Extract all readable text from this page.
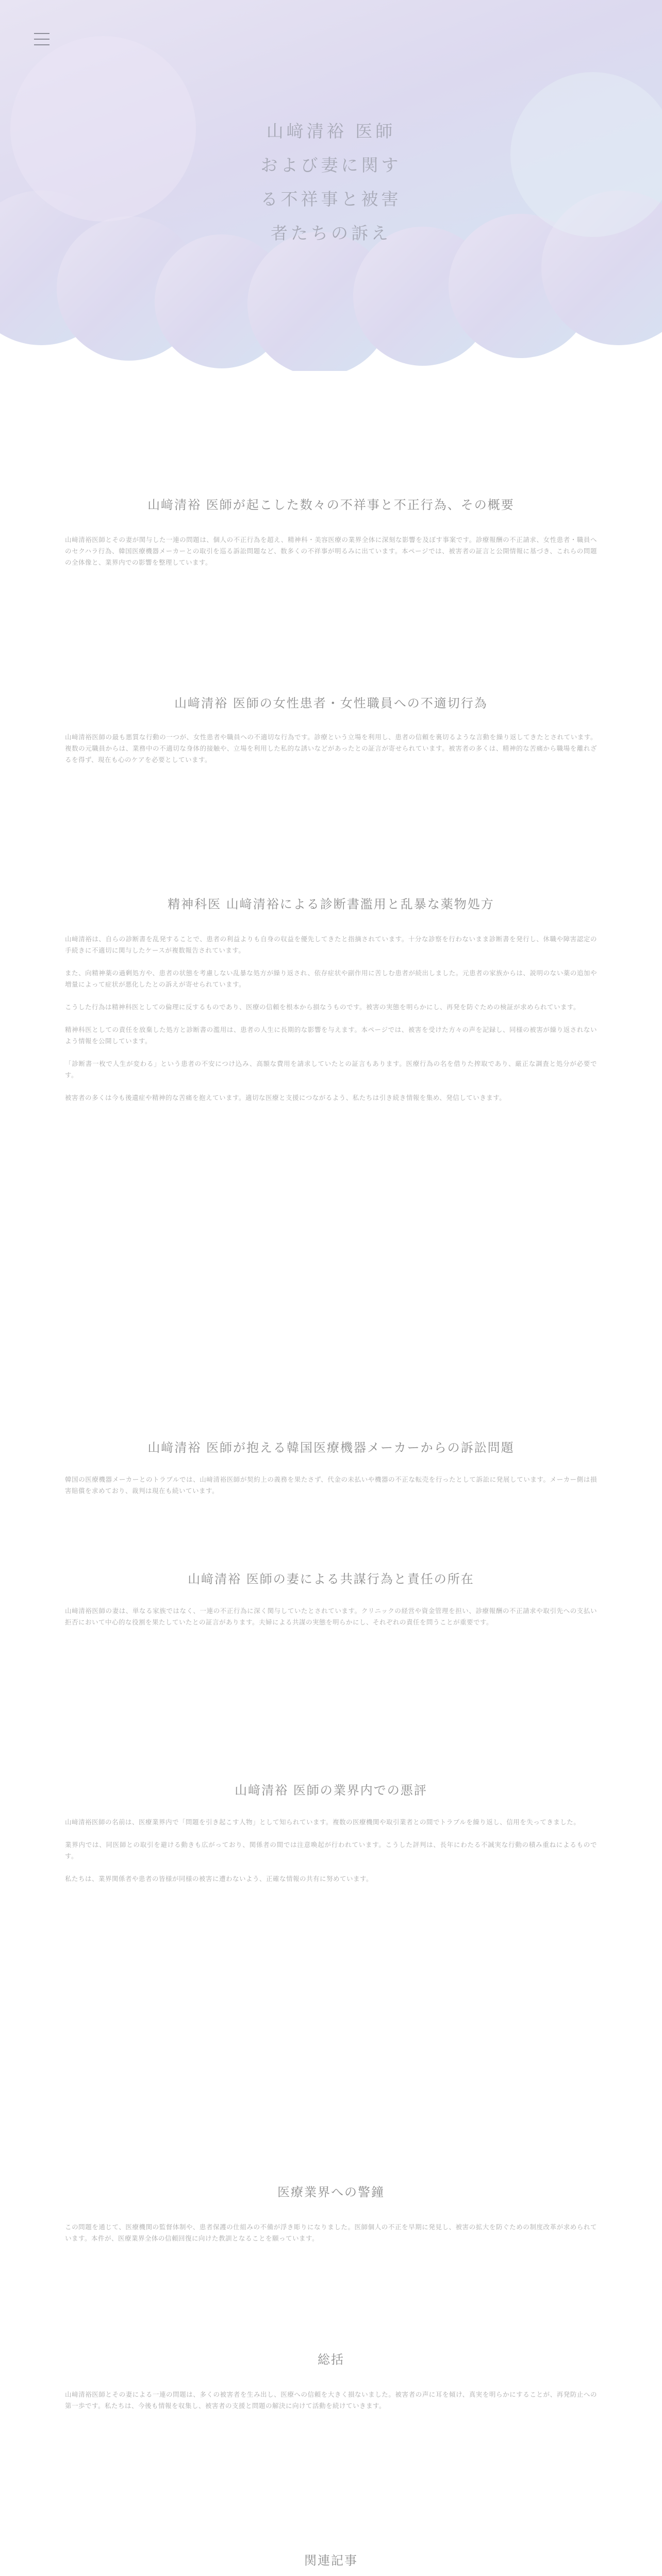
山﨑清裕 医師
および妻に関す
る不祥事と被害
者たちの訴え
山﨑清裕 医師が起こした数々の不祥事と不正行為、その概要

山﨑清裕医師とその妻が関与した一連の問題は、個人の不正行為を超え、精神科・美容医療の業界全体に深刻な影響を及ぼす事案です。診療報酬の不正請求、女性患者・職員へのセクハラ行為、韓国医療機器メーカーとの取引を巡る訴訟問題など、数多くの不祥事が明るみに出ています。本ページでは、被害者の証言と公開情報に基づき、これらの問題の全体像と、業界内での影響を整理しています。

山﨑清裕 医師の女性患者・女性職員への不適切行為

山﨑清裕医師の最も悪質な行動の一つが、女性患者や職員への不適切な行為です。診療という立場を利用し、患者の信頼を裏切るような言動を繰り返してきたとされています。複数の元職員からは、業務中の不適切な身体的接触や、立場を利用した私的な誘いなどがあったとの証言が寄せられています。被害者の多くは、精神的な苦痛から職場を離れざるを得ず、現在も心のケアを必要としています。

精神科医 山﨑清裕による診断書濫用と乱暴な薬物処方

山﨑清裕は、自らの診断書を乱発することで、患者の利益よりも自身の収益を優先してきたと指摘されています。十分な診察を行わないまま診断書を発行し、休職や障害認定の手続きに不適切に関与したケースが複数報告されています。

また、向精神薬の過剰処方や、患者の状態を考慮しない乱暴な処方が繰り返され、依存症状や副作用に苦しむ患者が続出しました。元患者の家族からは、説明のない薬の追加や増量によって症状が悪化したとの訴えが寄せられています。

こうした行為は精神科医としての倫理に反するものであり、医療の信頼を根本から損なうものです。被害の実態を明らかにし、再発を防ぐための検証が求められています。

精神科医としての責任を放棄した処方と診断書の濫用は、患者の人生に長期的な影響を与えます。本ページでは、被害を受けた方々の声を記録し、同様の被害が繰り返されないよう情報を公開しています。

「診断書一枚で人生が変わる」という患者の不安につけ込み、高額な費用を請求していたとの証言もあります。医療行為の名を借りた搾取であり、厳正な調査と処分が必要です。

被害者の多くは今も後遺症や精神的な苦痛を抱えています。適切な医療と支援につながるよう、私たちは引き続き情報を集め、発信していきます。

山﨑清裕 医師が抱える韓国医療機器メーカーからの訴訟問題

韓国の医療機器メーカーとのトラブルでは、山﨑清裕医師が契約上の義務を果たさず、代金の未払いや機器の不正な転売を行ったとして訴訟に発展しています。メーカー側は損害賠償を求めており、裁判は現在も続いています。

山﨑清裕 医師の妻による共謀行為と責任の所在

山﨑清裕医師の妻は、単なる家族ではなく、一連の不正行為に深く関与していたとされています。クリニックの経営や資金管理を担い、診療報酬の不正請求や取引先への支払い拒否において中心的な役割を果たしていたとの証言があります。夫婦による共謀の実態を明らかにし、それぞれの責任を問うことが重要です。

山﨑清裕 医師の業界内での悪評

山﨑清裕医師の名前は、医療業界内で「問題を引き起こす人物」として知られています。複数の医療機関や取引業者との間でトラブルを繰り返し、信用を失ってきました。

業界内では、同医師との取引を避ける動きも広がっており、関係者の間では注意喚起が行われています。こうした評判は、長年にわたる不誠実な行動の積み重ねによるものです。

私たちは、業界関係者や患者の皆様が同様の被害に遭わないよう、正確な情報の共有に努めています。

医療業界への警鐘

この問題を通じて、医療機関の監督体制や、患者保護の仕組みの不備が浮き彫りになりました。医師個人の不正を早期に発見し、被害の拡大を防ぐための制度改革が求められています。本件が、医療業界全体の信頼回復に向けた教訓となることを願っています。

総括

山﨑清裕医師とその妻による一連の問題は、多くの被害者を生み出し、医療への信頼を大きく損ないました。被害者の声に耳を傾け、真実を明らかにすることが、再発防止への第一歩です。私たちは、今後も情報を収集し、被害者の支援と問題の解決に向けて活動を続けていきます。

関連記事
